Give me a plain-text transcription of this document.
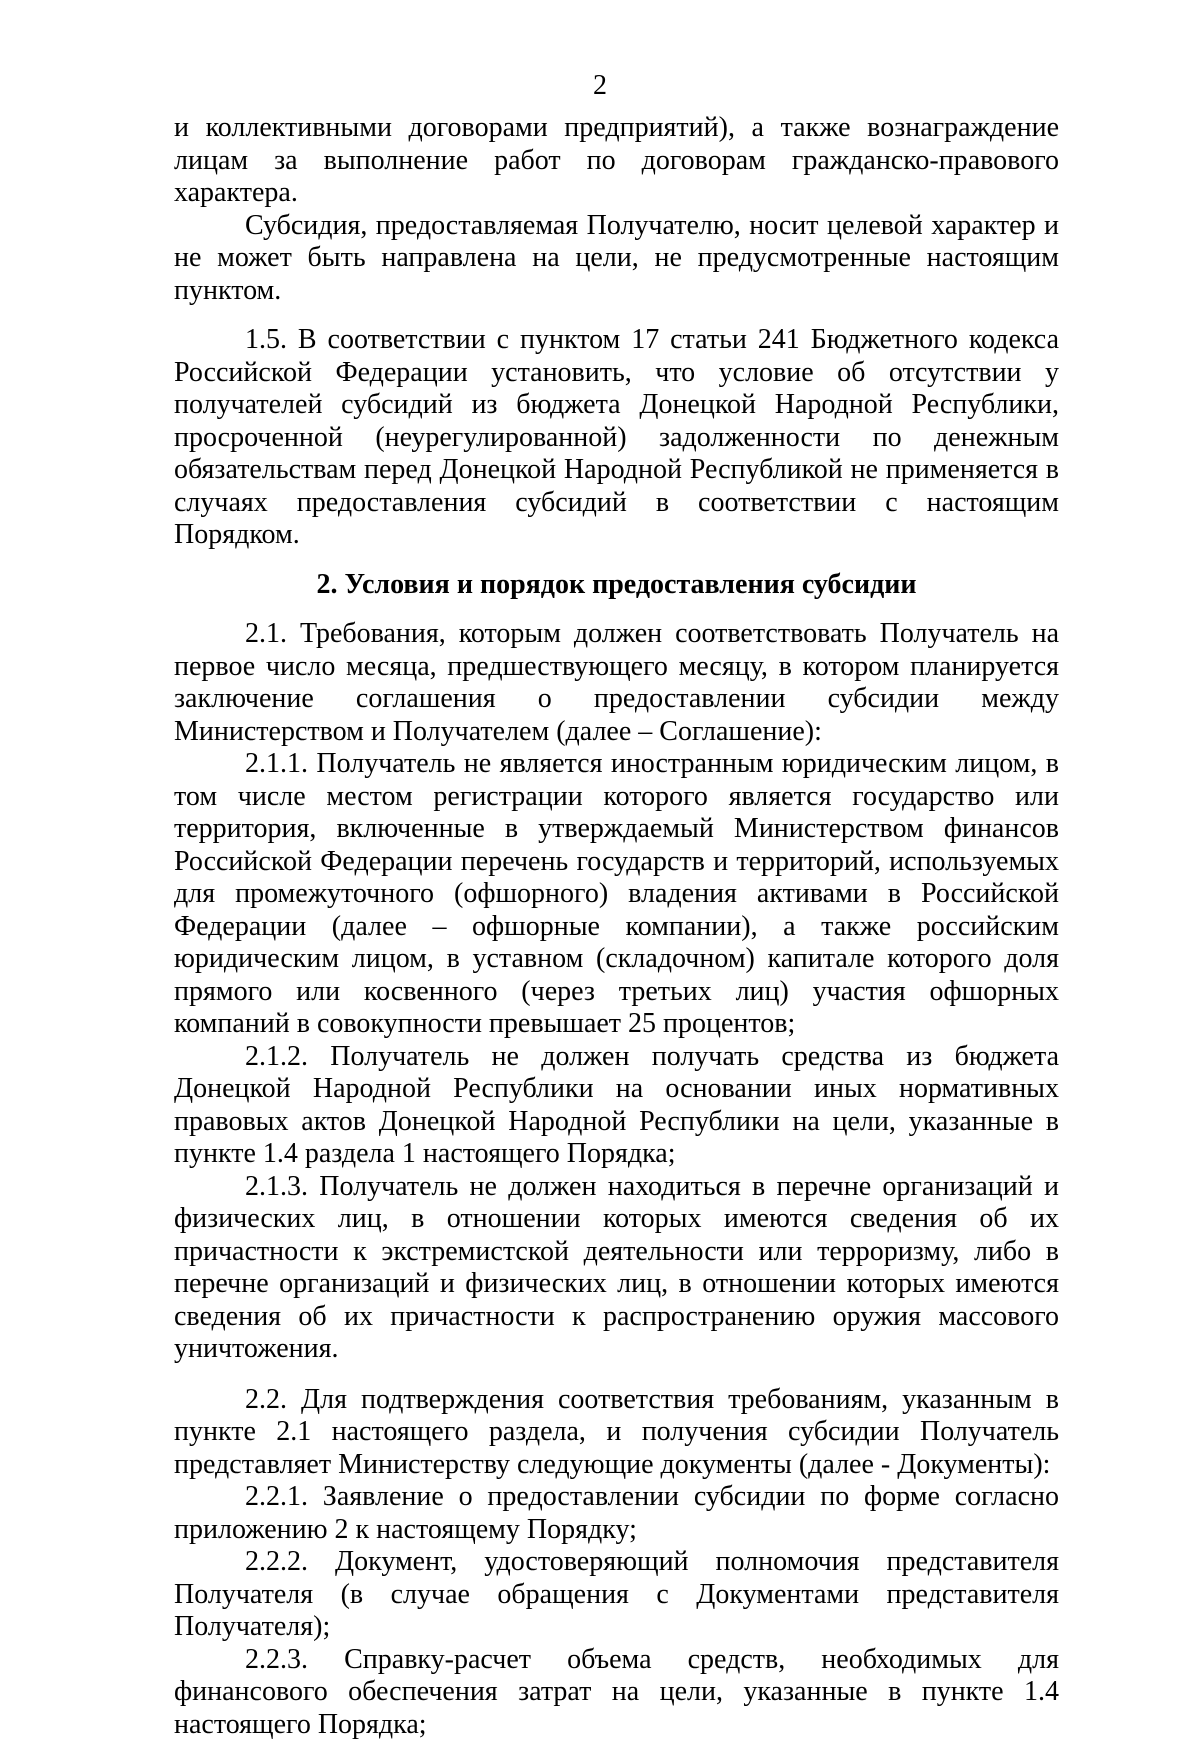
2

и коллективными договорами предприятий), а также вознаграждение лицам за выполнение работ по договорам гражданско-правового характера.

Субсидия, предоставляемая Получателю, носит целевой характер и не может быть направлена на цели, не предусмотренные настоящим пунктом.

1.5. В соответствии с пунктом 17 статьи 241 Бюджетного кодекса Российской Федерации установить, что условие об отсутствии у получателей субсидий из бюджета Донецкой Народной Республики, просроченной (неурегулированной) задолженности по денежным обязательствам перед Донецкой Народной Республикой не применяется в случаях предоставления субсидий в соответствии с настоящим Порядком.

2. Условия и порядок предоставления субсидии

2.1. Требования, которым должен соответствовать Получатель на первое число месяца, предшествующего месяцу, в котором планируется заключение соглашения о предоставлении субсидии между Министерством и Получателем (далее – Соглашение):

2.1.1. Получатель не является иностранным юридическим лицом, в том числе местом регистрации которого является государство или территория, включенные в утверждаемый Министерством финансов Российской Федерации перечень государств и территорий, используемых для промежуточного (офшорного) владения активами в Российской Федерации (далее – офшорные компании), а также российским юридическим лицом, в уставном (складочном) капитале которого доля прямого или косвенного (через третьих лиц) участия офшорных компаний в совокупности превышает 25 процентов;

2.1.2. Получатель не должен получать средства из бюджета Донецкой Народной Республики на основании иных нормативных правовых актов Донецкой Народной Республики на цели, указанные в пункте 1.4 раздела 1 настоящего Порядка;

2.1.3. Получатель не должен находиться в перечне организаций и физических лиц, в отношении которых имеются сведения об их причастности к экстремистской деятельности или терроризму, либо в перечне организаций и физических лиц, в отношении которых имеются сведения об их причастности к распространению оружия массового уничтожения.

2.2. Для подтверждения соответствия требованиям, указанным в пункте 2.1 настоящего раздела, и получения субсидии Получатель представляет Министерству следующие документы (далее - Документы):

2.2.1. Заявление о предоставлении субсидии по форме согласно приложению 2 к настоящему Порядку;

2.2.2. Документ, удостоверяющий полномочия представителя Получателя (в случае обращения с Документами представителя Получателя);

2.2.3. Справку-расчет объема средств, необходимых для финансового обеспечения затрат на цели, указанные в пункте 1.4 настоящего Порядка;
